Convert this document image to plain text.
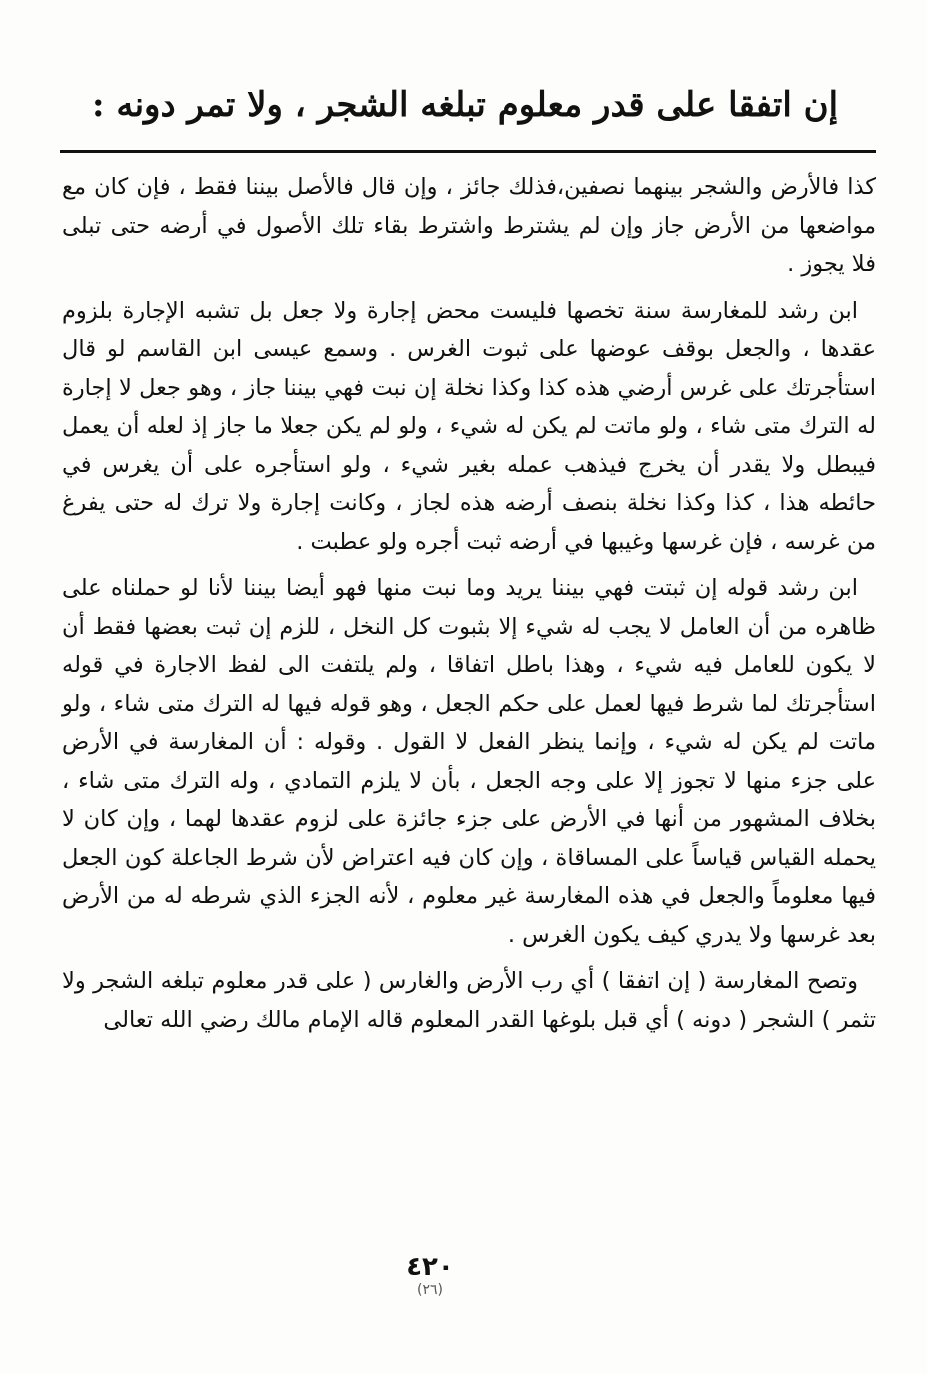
إن اتفقا على قدر معلوم تبلغه الشجر ، ولا تمر دونه :

كذا فالأرض والشجر بينهما نصفين،فذلك جائز ، وإن قال فالأصل بيننا فقط ، فإن كان مع مواضعها من الأرض جاز وإن لم يشترط واشترط بقاء تلك الأصول في أرضه حتى تبلى فلا يجوز .

ابن رشد للمغارسة سنة تخصها فليست محض إجارة ولا جعل بل تشبه الإجارة بلزوم عقدها ، والجعل بوقف عوضها على ثبوت الغرس . وسمع عيسى ابن القاسم لو قال استأجرتك على غرس أرضي هذه كذا وكذا نخلة إن نبت فهي بيننا جاز ، وهو جعل لا إجارة له الترك متى شاء ، ولو ماتت لم يكن له شيء ، ولو لم يكن جعلا ما جاز إذ لعله أن يعمل فيبطل ولا يقدر أن يخرج فيذهب عمله بغير شيء ، ولو استأجره على أن يغرس في حائطه هذا ، كذا وكذا نخلة بنصف أرضه هذه لجاز ، وكانت إجارة ولا ترك له حتى يفرغ من غرسه ، فإن غرسها وغيبها في أرضه ثبت أجره ولو عطبت .

ابن رشد قوله إن ثبتت فهي بيننا يريد وما نبت منها فهو أيضا بيننا لأنا لو حملناه على ظاهره من أن العامل لا يجب له شيء إلا بثبوت كل النخل ، للزم إن ثبت بعضها فقط أن لا يكون للعامل فيه شيء ، وهذا باطل اتفاقا ، ولم يلتفت الى لفظ الاجارة في قوله استأجرتك لما شرط فيها لعمل على حكم الجعل ، وهو قوله فيها له الترك متى شاء ، ولو ماتت لم يكن له شيء ، وإنما ينظر الفعل لا القول . وقوله : أن المغارسة في الأرض على جزء منها لا تجوز إلا على وجه الجعل ، بأن لا يلزم التمادي ، وله الترك متى شاء ، بخلاف المشهور من أنها في الأرض على جزء جائزة على لزوم عقدها لهما ، وإن كان لا يحمله القياس قياساً على المساقاة ، وإن كان فيه اعتراض لأن شرط الجاعلة كون الجعل فيها معلوماً والجعل في هذه المغارسة غير معلوم ، لأنه الجزء الذي شرطه له من الأرض بعد غرسها ولا يدري كيف يكون الغرس .

وتصح المغارسة ( إن اتفقا ) أي رب الأرض والغارس ( على قدر معلوم تبلغه الشجر ولا تثمر ) الشجر ( دونه ) أي قبل بلوغها القدر المعلوم قاله الإمام مالك رضي الله تعالى

٤٢٠
(٢٦)
